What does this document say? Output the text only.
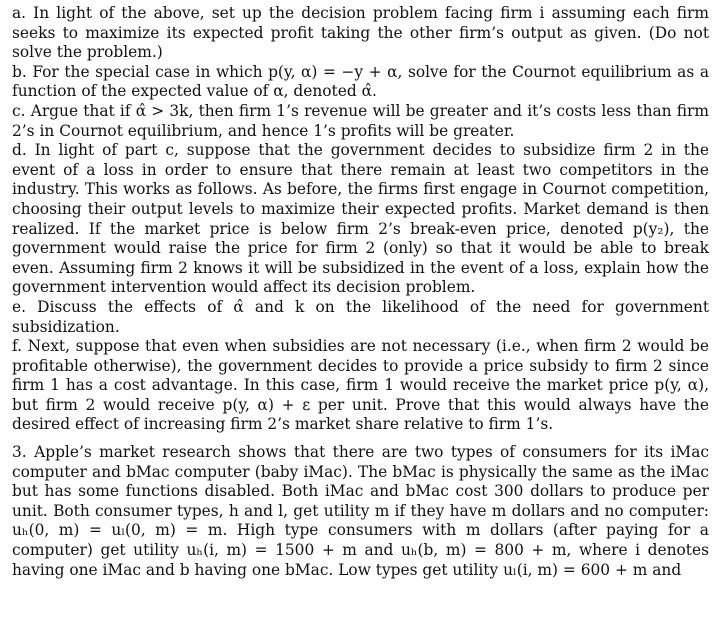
a. In light of the above, set up the decision problem facing firm i assuming each firm seeks to maximize its expected profit taking the other firm’s output as given. (Do not solve the problem.)

b. For the special case in which p(y, α) = −y + α, solve for the Cournot equilibrium as a function of the expected value of α, denoted α̂.

c. Argue that if α̂ > 3k, then firm 1’s revenue will be greater and it’s costs less than firm 2’s in Cournot equilibrium, and hence 1’s profits will be greater.

d. In light of part c, suppose that the government decides to subsidize firm 2 in the event of a loss in order to ensure that there remain at least two competitors in the industry. This works as follows. As before, the firms first engage in Cournot competition, choosing their output levels to maximize their expected profits. Market demand is then realized. If the market price is below firm 2’s break-even price, denoted p(y₂), the government would raise the price for firm 2 (only) so that it would be able to break even. Assuming firm 2 knows it will be subsidized in the event of a loss, explain how the government intervention would affect its decision problem.

e. Discuss the effects of α̂ and k on the likelihood of the need for government subsidization.

f. Next, suppose that even when subsidies are not necessary (i.e., when firm 2 would be profitable otherwise), the government decides to provide a price subsidy to firm 2 since firm 1 has a cost advantage. In this case, firm 1 would receive the market price p(y, α), but firm 2 would receive p(y, α) + ε per unit. Prove that this would always have the desired effect of increasing firm 2’s market share relative to firm 1’s.

3. Apple’s market research shows that there are two types of consumers for its iMac computer and bMac computer (baby iMac). The bMac is physically the same as the iMac but has some functions disabled. Both iMac and bMac cost 300 dollars to produce per unit. Both consumer types, h and l, get utility m if they have m dollars and no computer: uₕ(0, m) = uₗ(0, m) = m. High type consumers with m dollars (after paying for a computer) get utility uₕ(i, m) = 1500 + m and uₕ(b, m) = 800 + m, where i denotes having one iMac and b having one bMac. Low types get utility uₗ(i, m) = 600 + m and
